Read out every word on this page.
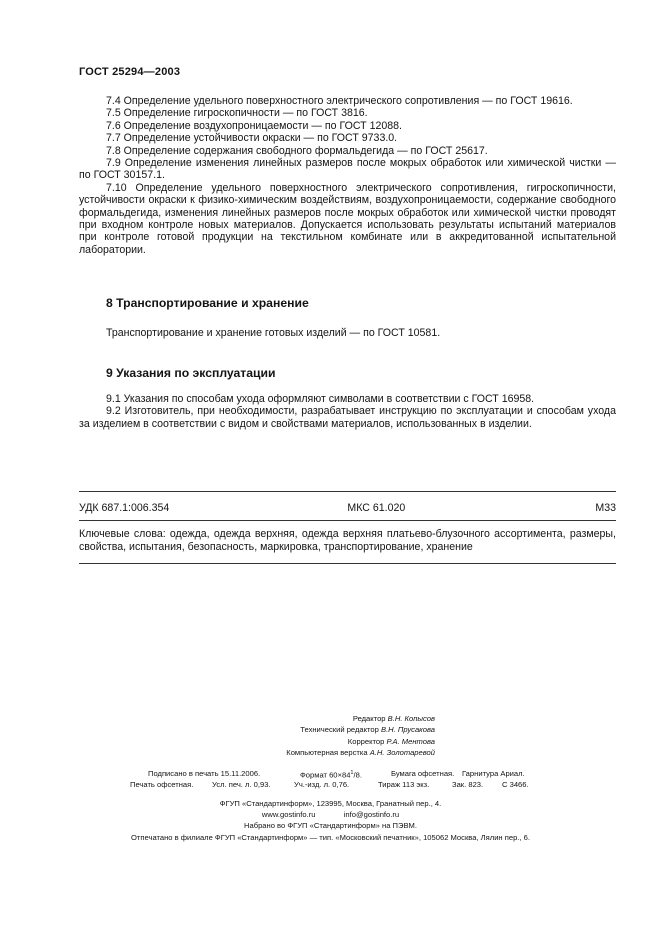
ГОСТ 25294—2003

7.4 Определение удельного поверхностного электрического сопротивления — по ГОСТ 19616.

7.5 Определение гигроскопичности — по ГОСТ 3816.

7.6 Определение воздухопроницаемости — по ГОСТ 12088.

7.7 Определение устойчивости окраски — по ГОСТ 9733.0.

7.8 Определение содержания свободного формальдегида — по ГОСТ 25617.

7.9 Определение изменения линейных размеров после мокрых обработок или химической чистки — по ГОСТ 30157.1.

7.10 Определение удельного поверхностного электрического сопротивления, гигроскопичности, устойчивости окраски к физико-химическим воздействиям, воздухопроницаемости, содержание свободного формальдегида, изменения линейных размеров после мокрых обработок или химической чистки проводят при входном контроле новых материалов. Допускается использовать результаты испытаний материалов при контроле готовой продукции на текстильном комбинате или в аккредитованной испытательной лаборатории.

8 Транспортирование и хранение

Транспортирование и хранение готовых изделий — по ГОСТ 10581.

9 Указания по эксплуатации

9.1 Указания по способам ухода оформляют символами в соответствии с ГОСТ 16958.

9.2 Изготовитель, при необходимости, разрабатывает инструкцию по эксплуатации и способам ухода за изделием в соответствии с видом и свойствами материалов, использованных в изделии.

УДК 687.1:006.354	МКС 61.020	М33
Ключевые слова: одежда, одежда верхняя, одежда верхняя платьево-блузочного ассортимента, размеры, свойства, испытания, безопасность, маркировка, транспортирование, хранение
Редактор В.Н. Копысов
Технический редактор В.Н. Прусакова
Корректор Р.А. Ментова
Компьютерная верстка А.Н. Золотаревой
Подписано в печать 15.11.2006.	Формат $60\times 84^1/8$.	Бумага офсетная. Гарнитура Ариал.
Печать офсетная. Усл. печ. л. 0,93.	Уч.-изд. л. 0,76.	Тираж 113 экз.	Зак. 823. С 3466.
ФГУП «Стандартинформ», 123995, Москва, Гранатный пер., 4.
www.gostinfo.ru	info@gostinfo.ru
Набрано во ФГУП «Стандартинформ» на ПЭВМ.
Отпечатано в филиале ФГУП «Стандартинформ» — тип. «Московский печатник», 105062 Москва, Лялин пер., 6.
